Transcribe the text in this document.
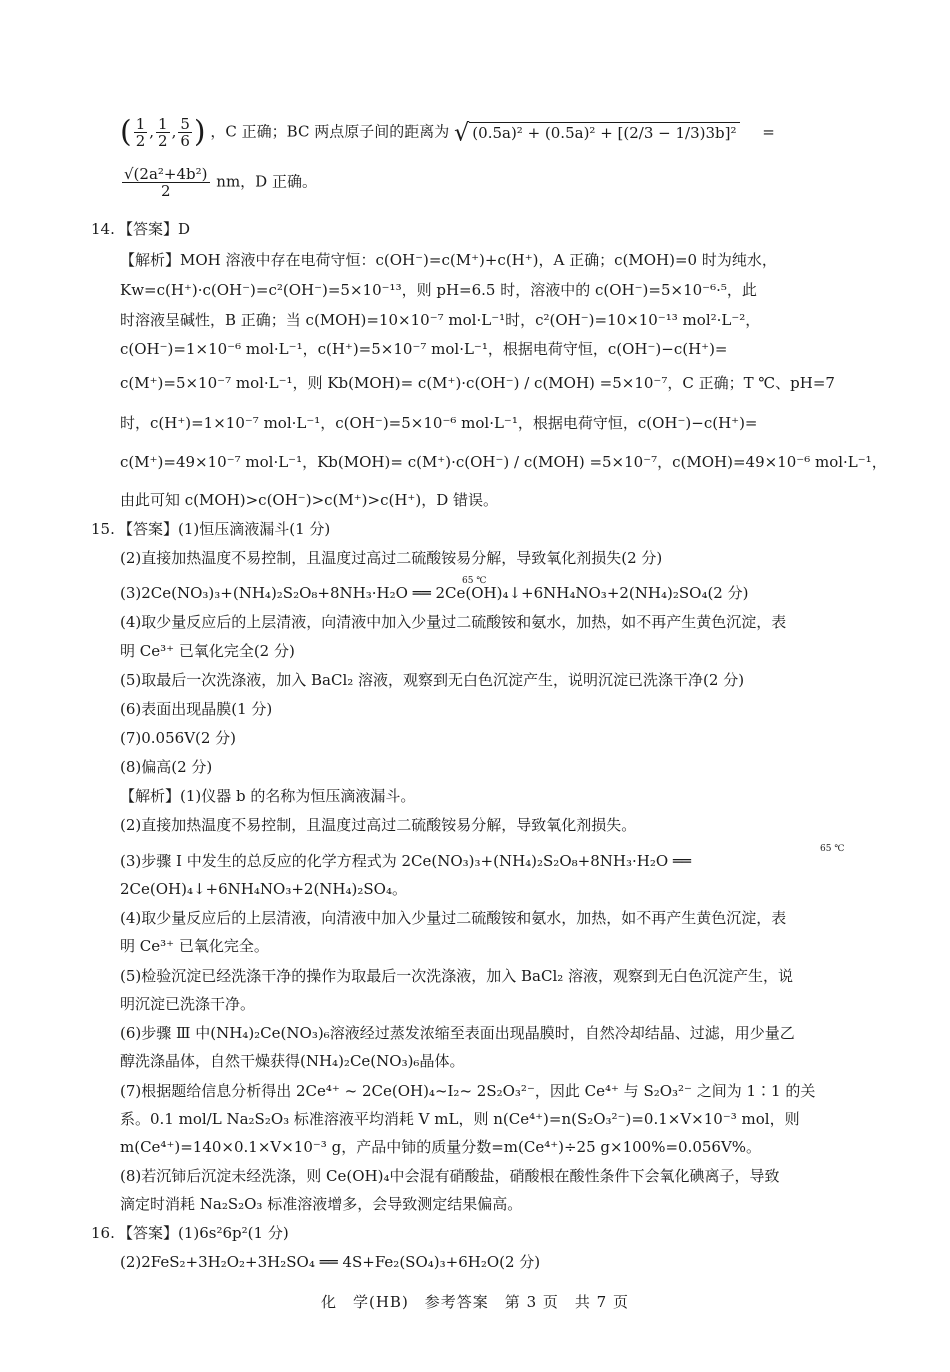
( $\frac{1}{2}$ , $\frac{1}{2}$ , $\frac{5}{6}$ ) ，C 正确；BC 两点原子间的距离为 √ (0.5a)² + (0.5a)² + [(2/3 − 1/3)3b]² =
$\frac{\text{√(2a²+4b²)}}{2}$ nm，D 正确。
14. 【答案】D
【解析】MOH 溶液中存在电荷守恒：c(OH⁻)=c(M⁺)+c(H⁺)，A 正确；c(MOH)=0 时为纯水，
Kw=c(H⁺)·c(OH⁻)=c²(OH⁻)=5×10⁻¹³，则 pH=6.5 时，溶液中的 c(OH⁻)=5×10⁻⁶·⁵，此
时溶液呈碱性，B 正确；当 c(MOH)=10×10⁻⁷ mol·L⁻¹时，c²(OH⁻)=10×10⁻¹³ mol²·L⁻²，
c(OH⁻)=1×10⁻⁶ mol·L⁻¹，c(H⁺)=5×10⁻⁷ mol·L⁻¹，根据电荷守恒，c(OH⁻)−c(H⁺)=
c(M⁺)=5×10⁻⁷ mol·L⁻¹，则 Kb(MOH)= c(M⁺)·c(OH⁻) / c(MOH) =5×10⁻⁷，C 正确；T ℃、pH=7
时，c(H⁺)=1×10⁻⁷ mol·L⁻¹，c(OH⁻)=5×10⁻⁶ mol·L⁻¹，根据电荷守恒，c(OH⁻)−c(H⁺)=
c(M⁺)=49×10⁻⁷ mol·L⁻¹，Kb(MOH)= c(M⁺)·c(OH⁻) / c(MOH) =5×10⁻⁷，c(MOH)=49×10⁻⁶ mol·L⁻¹，
由此可知 c(MOH)>c(OH⁻)>c(M⁺)>c(H⁺)，D 错误。
15. 【答案】(1)恒压滴液漏斗(1 分)
(2)直接加热温度不易控制，且温度过高过二硫酸铵易分解，导致氧化剂损失(2 分)
65 ℃
(3)2Ce(NO₃)₃+(NH₄)₂S₂O₈+8NH₃·H₂O ══ 2Ce(OH)₄↓+6NH₄NO₃+2(NH₄)₂SO₄(2 分)
(4)取少量反应后的上层清液，向清液中加入少量过二硫酸铵和氨水，加热，如不再产生黄色沉淀，表
明 Ce³⁺ 已氧化完全(2 分)
(5)取最后一次洗涤液，加入 BaCl₂ 溶液，观察到无白色沉淀产生，说明沉淀已洗涤干净(2 分)
(6)表面出现晶膜(1 分)
(7)0.056V(2 分)
(8)偏高(2 分)
【解析】(1)仪器 b 的名称为恒压滴液漏斗。
(2)直接加热温度不易控制，且温度过高过二硫酸铵易分解，导致氧化剂损失。
65 ℃
(3)步骤 Ⅰ 中发生的总反应的化学方程式为 2Ce(NO₃)₃+(NH₄)₂S₂O₈+8NH₃·H₂O ══
2Ce(OH)₄↓+6NH₄NO₃+2(NH₄)₂SO₄。
(4)取少量反应后的上层清液，向清液中加入少量过二硫酸铵和氨水，加热，如不再产生黄色沉淀，表
明 Ce³⁺ 已氧化完全。
(5)检验沉淀已经洗涤干净的操作为取最后一次洗涤液，加入 BaCl₂ 溶液，观察到无白色沉淀产生，说
明沉淀已洗涤干净。
(6)步骤 Ⅲ 中(NH₄)₂Ce(NO₃)₆溶液经过蒸发浓缩至表面出现晶膜时，自然冷却结晶、过滤，用少量乙
醇洗涤晶体，自然干燥获得(NH₄)₂Ce(NO₃)₆晶体。
(7)根据题给信息分析得出 2Ce⁴⁺ ~ 2Ce(OH)₄~I₂~ 2S₂O₃²⁻，因此 Ce⁴⁺ 与 S₂O₃²⁻ 之间为 1∶1 的关
系。0.1 mol/L Na₂S₂O₃ 标准溶液平均消耗 V mL，则 n(Ce⁴⁺)=n(S₂O₃²⁻)=0.1×V×10⁻³ mol，则
m(Ce⁴⁺)=140×0.1×V×10⁻³ g，产品中铈的质量分数=m(Ce⁴⁺)÷25 g×100%=0.056V%。
(8)若沉铈后沉淀未经洗涤，则 Ce(OH)₄中会混有硝酸盐，硝酸根在酸性条件下会氧化碘离子，导致
滴定时消耗 Na₂S₂O₃ 标准溶液增多，会导致测定结果偏高。
16. 【答案】(1)6s²6p²(1 分)
(2)2FeS₂+3H₂O₂+3H₂SO₄ ══ 4S+Fe₂(SO₄)₃+6H₂O(2 分)
化　学(HB)　参考答案　第 3 页　共 7 页
